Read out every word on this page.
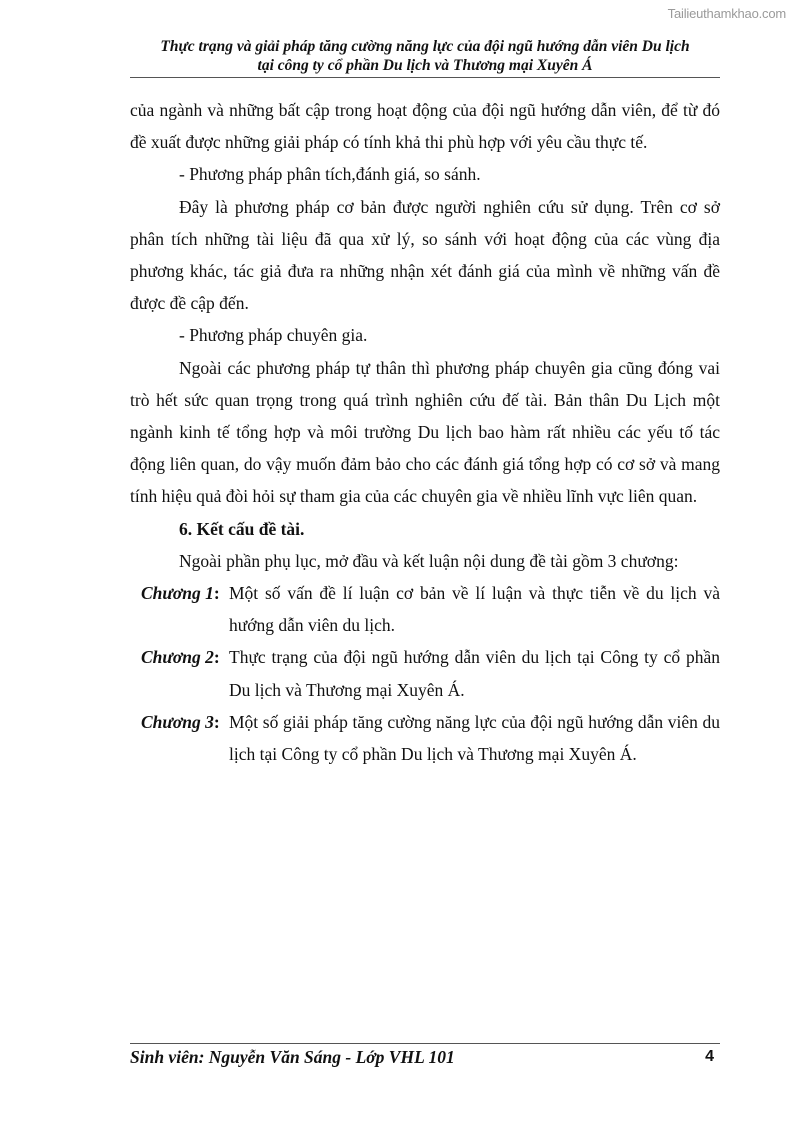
Tailieuthamkhao.com
Thực trạng và giải pháp tăng cường năng lực của đội ngũ hướng dẫn viên Du lịch
tại công ty cổ phần Du lịch và Thương mại Xuyên Á

của ngành và những bất cập trong hoạt động của đội ngũ hướng dẫn viên, để từ đó đề xuất được những giải pháp có tính khả thi phù hợp với yêu cầu thực tế.

- Phương pháp phân tích,đánh giá, so sánh.

Đây là phương pháp cơ bản được người nghiên cứu sử dụng. Trên cơ sở phân tích những tài liệu đã qua xử lý, so sánh với hoạt động của các vùng địa phương khác, tác giả đưa ra những nhận xét đánh giá của mình về những vấn đề được đề cập đến.

- Phương pháp chuyên gia.

Ngoài các phương pháp tự thân thì phương pháp chuyên gia cũng đóng vai trò hết sức quan trọng trong quá trình nghiên cứu đế tài. Bản thân Du Lịch một ngành kinh tế tổng hợp và môi trường Du lịch bao hàm rất nhiều các yếu tố tác động liên quan, do vậy muốn đảm bảo cho các đánh giá tổng hợp có cơ sở và mang tính hiệu quả đòi hỏi sự tham gia của các chuyên gia về nhiều lĩnh vực liên quan.

6. Kết cấu đề tài.

Ngoài phần phụ lục, mở đầu và kết luận nội dung đề tài gồm 3 chương:

Chương 1: Một số vấn đề lí luận cơ bản về lí luận và thực tiễn về du lịch và hướng dẫn viên du lịch.
Chương 2: Thực trạng của đội ngũ hướng dẫn viên du lịch tại Công ty cổ phần Du lịch và Thương mại Xuyên Á.
Chương 3: Một số giải pháp tăng cường năng lực của đội ngũ hướng dẫn viên du lịch tại Công ty cổ phần Du lịch và Thương mại Xuyên Á.
Sinh viên: Nguyễn Văn Sáng - Lớp VHL 101	4
